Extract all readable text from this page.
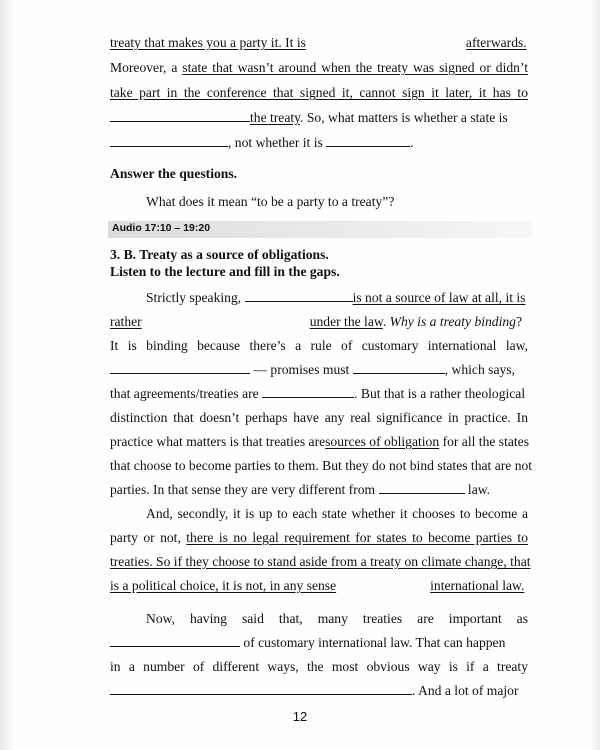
treaty that makes you a party it. It is	afterwards.
Moreover, a state that wasn’t around when the treaty was signed or didn’t
take part in the conference that signed it, cannot sign it later, it has to
the treaty. So, what matters is whether a state is
, not whether it is	.
Answer the questions.
What does it mean “to be a party to a treaty”?
Audio 17:10 – 19:20
3. B. Treaty as a source of obligations.
Listen to the lecture and fill in the gaps.
Strictly speaking,	is not a source of law at all, it is
rather	under the law. Why is a treaty binding?
It is binding because there’s a rule of customary international law,
— promises must	, which says,
that agreements/treaties are	. But that is a rather theological
distinction that doesn’t perhaps have any real significance in practice. In
practice what matters is that treaties aresources of obligation for all the states
that choose to become parties to them. But they do not bind states that are not
parties. In that sense they are very different from	law.
And, secondly, it is up to each state whether it chooses to become a
party or not, there is no legal requirement for states to become parties to
treaties. So if they choose to stand aside from a treaty on climate change, that
is a political choice, it is not, in any sense	international law.
Now, having said that, many treaties are important as
of customary international law. That can happen
in a number of different ways, the most obvious way is if a treaty
. And a lot of major
12
